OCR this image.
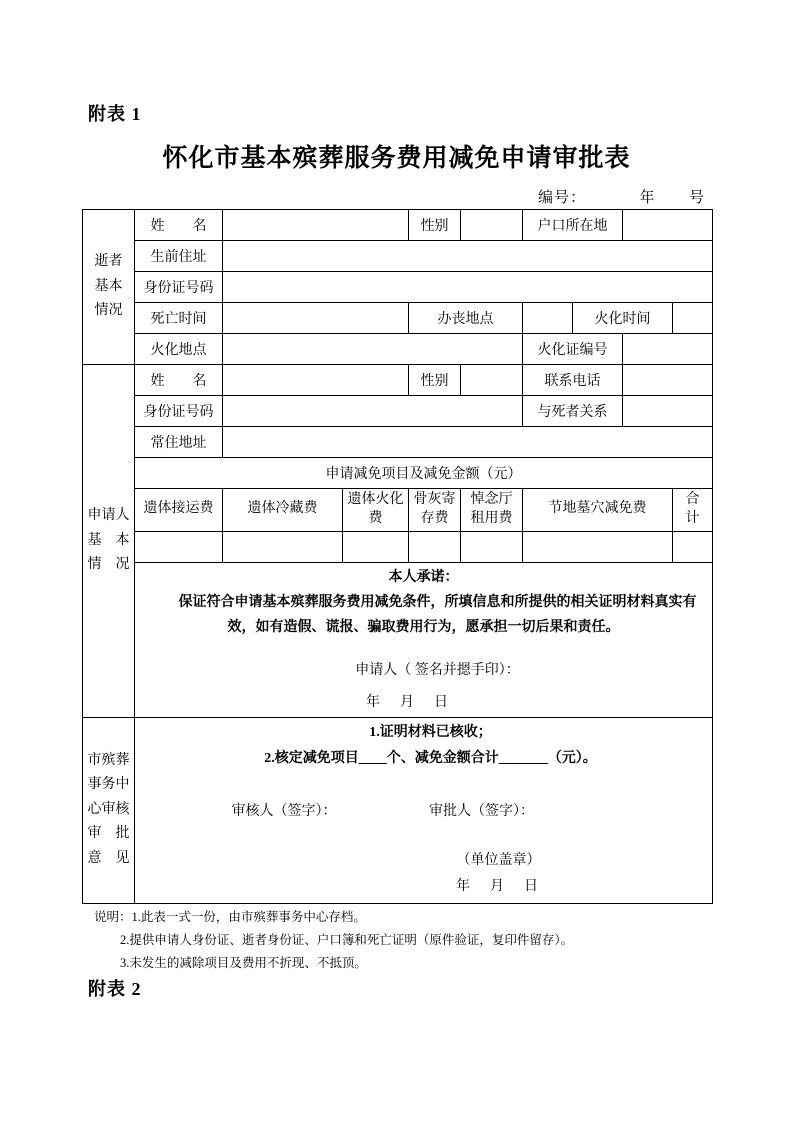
附表 1
怀化市基本殡葬服务费用减免申请审批表
编号：	年 号
逝者
基本
情况	姓　　名			性别		户口所在地			
	生前住址								
	身份证号码								
	死亡时间			办丧地点			火化时间		
	火化地点					火化证编号			

申请人
基　本
情　况	姓　　名			性别		联系电话			
	身份证号码					与死者关系			
	常住地址								
	申请减免项目及减免金额（元）								
	遗体接运费	遗体冷藏费	遗体火化费	骨灰寄存费	悼念厅租用费	节地墓穴减免费			合　计

	本人承诺：
保证符合申请基本殡葬服务费用减免条件，所填信息和所提供的相关证明材料真实有效，如有造假、谎报、骗取费用行为，愿承担一切后果和责任。
申请人（ 签名并摁手印）：
年　月　日								

市殡葬
事务中
心审核
审　批
意　见

1.证明材料已核收；
2.核定减免项目____个、减免金额合计_______（元）。
审核人（签字）：	审批人（签字）：
（单位盖章）
年　月　日
说明：1.此表一式一份，由市殡葬事务中心存档。
2.提供申请人身份证、逝者身份证、户口簿和死亡证明（原件验证，复印件留存）。
3.未发生的减除项目及费用不折现、不抵顶。
附表 2
